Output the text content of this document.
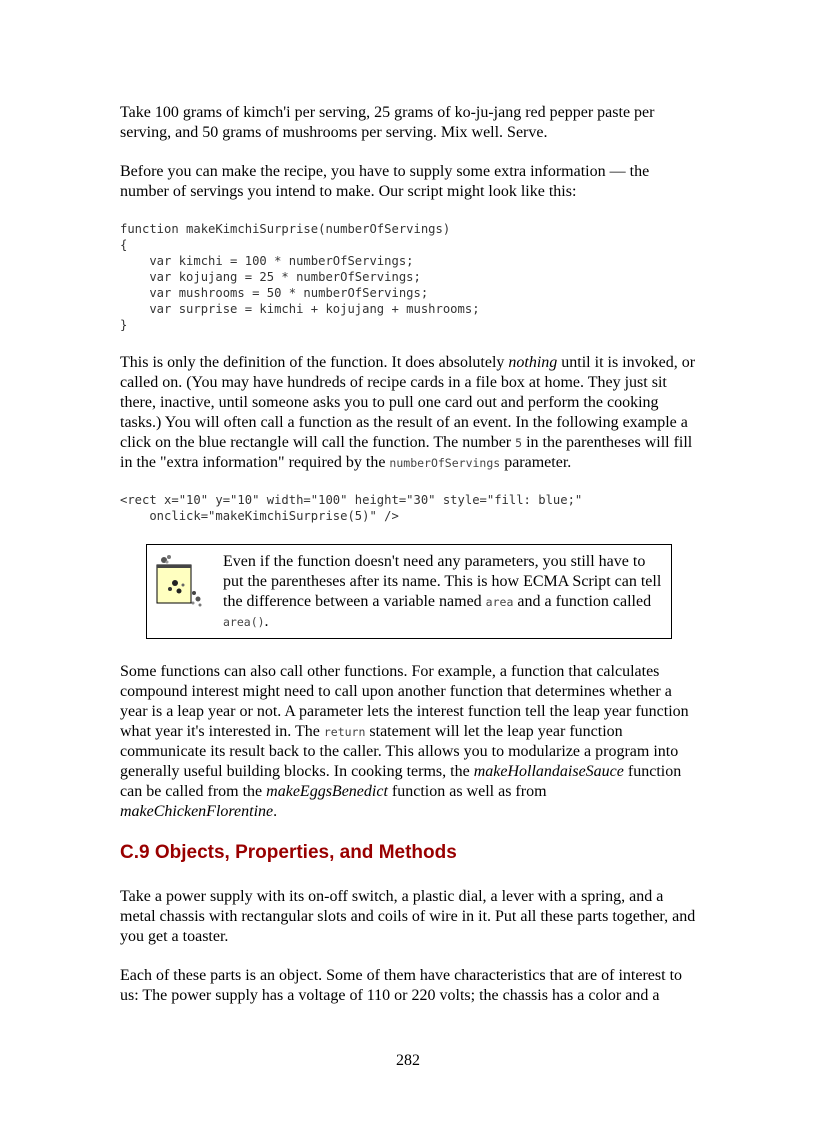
Take 100 grams of kimch'i per serving, 25 grams of ko-ju-jang red pepper paste per serving, and 50 grams of mushrooms per serving. Mix well. Serve.

Before you can make the recipe, you have to supply some extra information — the number of servings you intend to make. Our script might look like this:

function makeKimchiSurprise(numberOfServings)
{
var kimchi = 100 * numberOfServings;
var kojujang = 25 * numberOfServings;
var mushrooms = 50 * numberOfServings;
var surprise = kimchi + kojujang + mushrooms;
}

This is only the definition of the function. It does absolutely nothing until it is invoked, or called on. (You may have hundreds of recipe cards in a file box at home. They just sit there, inactive, until someone asks you to pull one card out and perform the cooking tasks.) You will often call a function as the result of an event. In the following example a click on the blue rectangle will call the function. The number 5 in the parentheses will fill in the "extra information" required by the numberOfServings parameter.

<rect x="10" y="10" width="100" height="30" style="fill: blue;"
onclick="makeKimchiSurprise(5)" />

Even if the function doesn't need any parameters, you still have to put the parentheses after its name. This is how ECMA Script can tell the difference between a variable named area and a function called area().

Some functions can also call other functions. For example, a function that calculates compound interest might need to call upon another function that determines whether a year is a leap year or not. A parameter lets the interest function tell the leap year function what year it's interested in. The return statement will let the leap year function communicate its result back to the caller. This allows you to modularize a program into generally useful building blocks. In cooking terms, the makeHollandaiseSauce function can be called from the makeEggsBenedict function as well as from makeChickenFlorentine.

C.9 Objects, Properties, and Methods

Take a power supply with its on-off switch, a plastic dial, a lever with a spring, and a metal chassis with rectangular slots and coils of wire in it. Put all these parts together, and you get a toaster.

Each of these parts is an object. Some of them have characteristics that are of interest to us: The power supply has a voltage of 110 or 220 volts; the chassis has a color and a

282
